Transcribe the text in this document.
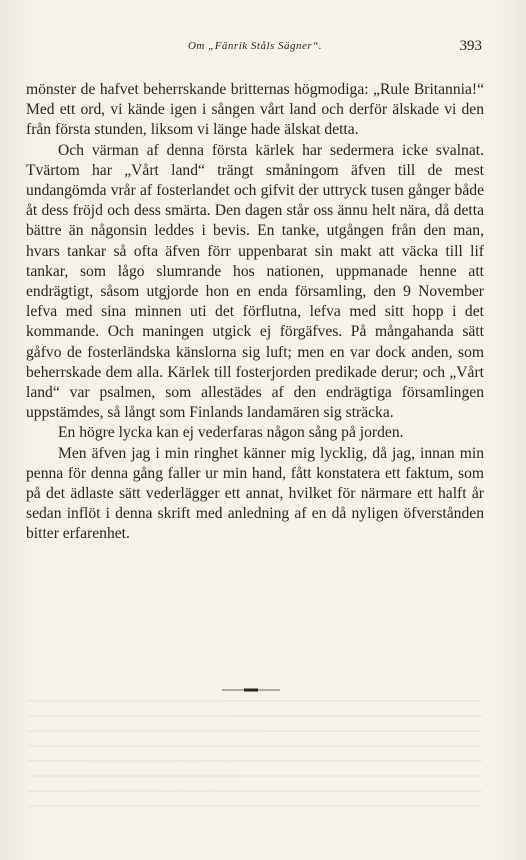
Om „Fänrik Ståls Sägner“.	393

mönster de hafvet beherrskande britternas högmodiga: „Rule Britannia!“ Med ett ord, vi kände igen i sången vårt land och derför älskade vi den från första stunden, liksom vi länge hade älskat detta.

Och värman af denna första kärlek har sedermera icke svalnat. Tvärtom har „Vårt land“ trängt småningom äfven till de mest undangömda vrår af fosterlandet och gifvit der uttryck tusen gånger både åt dess fröjd och dess smärta. Den dagen står oss ännu helt nära, då detta bättre än någonsin leddes i bevis. En tanke, utgången från den man, hvars tankar så ofta äfven förr uppenbarat sin makt att väcka till lif tankar, som lågo slumrande hos nationen, uppmanade henne att endrägtigt, såsom utgjorde hon en enda församling, den 9 November lefva med sina minnen uti det förflutna, lefva med sitt hopp i det kommande. Och maningen utgick ej förgäfves. På mångahanda sätt gåfvo de fosterländska känslorna sig luft; men en var dock anden, som beherrskade dem alla. Kärlek till fosterjorden predikade derur; och „Vårt land“ var psalmen, som allestädes af den endrägtiga församlingen uppstämdes, så långt som Finlands landamären sig sträcka.

En högre lycka kan ej vederfaras någon sång på jorden.

Men äfven jag i min ringhet känner mig lycklig, då jag, innan min penna för denna gång faller ur min hand, fått konstatera ett faktum, som på det ädlaste sätt vederlägger ett annat, hvilket för närmare ett halft år sedan inflöt i denna skrift med anledning af en då nyligen öfverstånden bitter erfarenhet.
